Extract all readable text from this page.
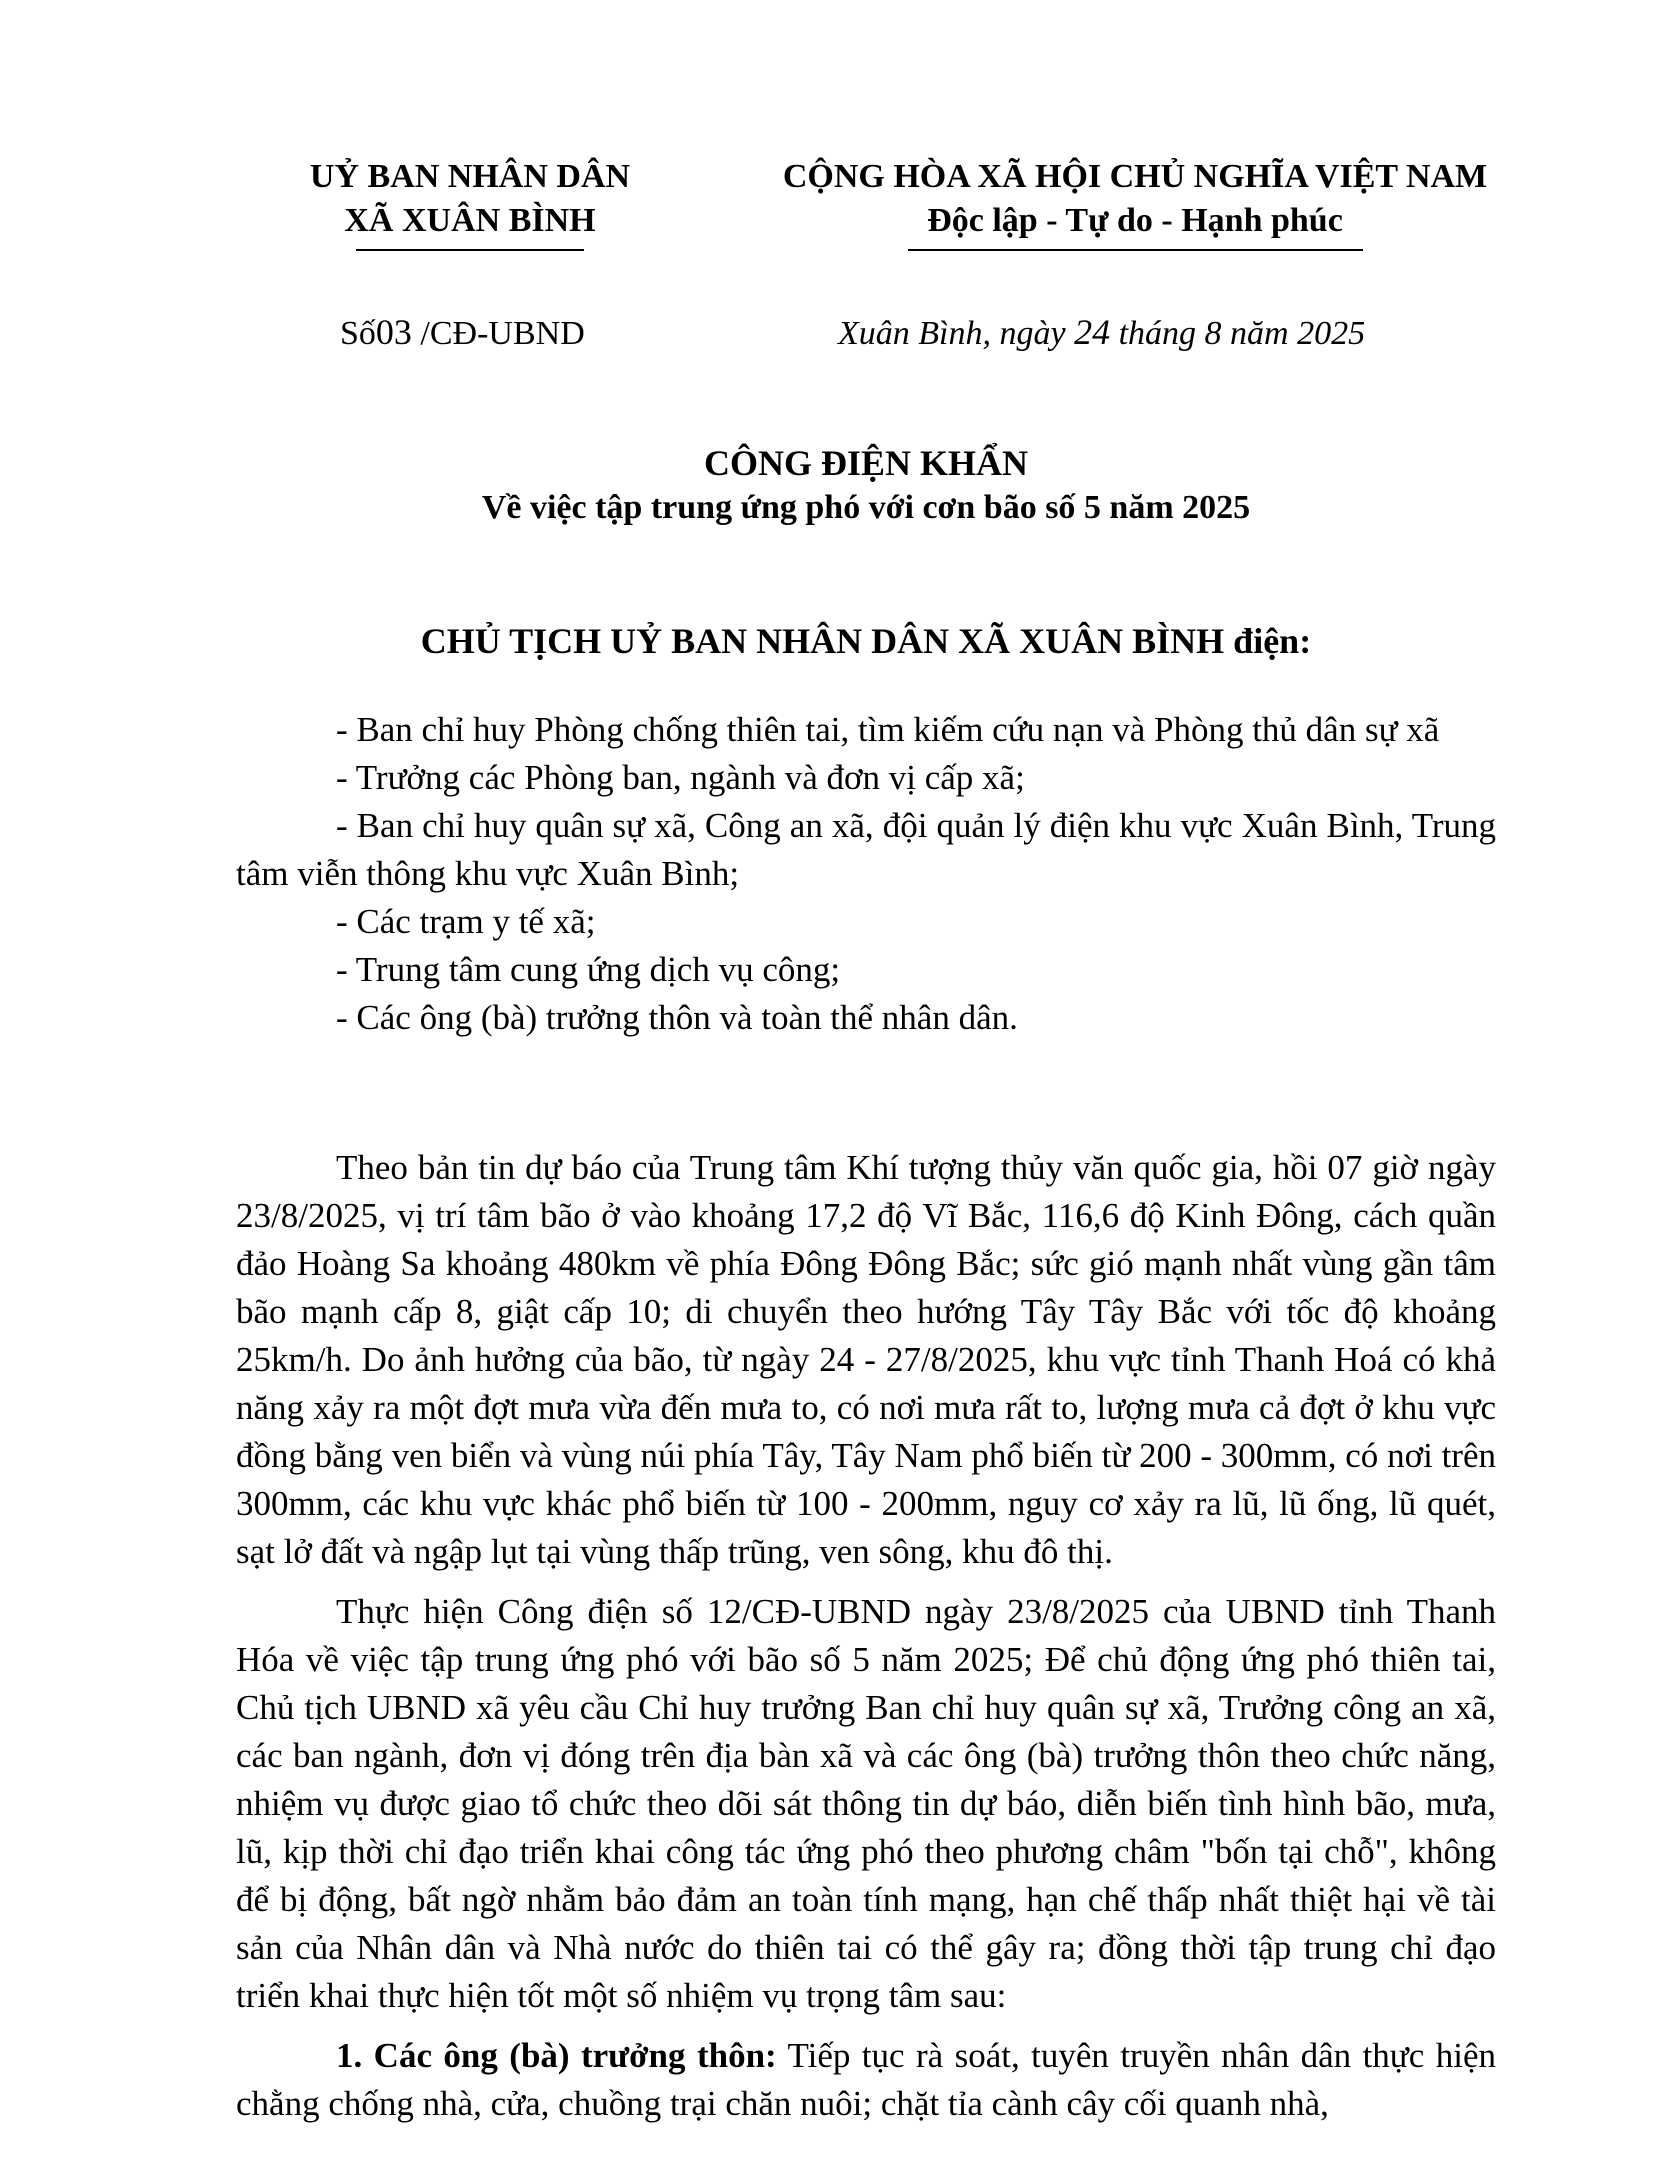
UỶ BAN NHÂN DÂN
XÃ XUÂN BÌNH
CỘNG HÒA XÃ HỘI CHỦ NGHĨA VIỆT NAM
Độc lập - Tự do - Hạnh phúc
Số03 /CĐ-UBND	Xuân Bình, ngày 24 tháng 8 năm 2025
CÔNG ĐIỆN KHẨN
Về việc tập trung ứng phó với cơn bão số 5 năm 2025
CHỦ TỊCH UỶ BAN NHÂN DÂN XÃ XUÂN BÌNH điện:

- Ban chỉ huy Phòng chống thiên tai, tìm kiếm cứu nạn và Phòng thủ dân sự xã

- Trưởng các Phòng ban, ngành và đơn vị cấp xã;

- Ban chỉ huy quân sự xã, Công an xã, đội quản lý điện khu vực Xuân Bình, Trung tâm viễn thông khu vực Xuân Bình;

- Các trạm y tế xã;

- Trung tâm cung ứng dịch vụ công;

- Các ông (bà) trưởng thôn và toàn thể nhân dân.

Theo bản tin dự báo của Trung tâm Khí tượng thủy văn quốc gia, hồi 07 giờ ngày 23/8/2025, vị trí tâm bão ở vào khoảng 17,2 độ Vĩ Bắc, 116,6 độ Kinh Đông, cách quần đảo Hoàng Sa khoảng 480km về phía Đông Đông Bắc; sức gió mạnh nhất vùng gần tâm bão mạnh cấp 8, giật cấp 10; di chuyển theo hướng Tây Tây Bắc với tốc độ khoảng 25km/h. Do ảnh hưởng của bão, từ ngày 24 - 27/8/2025, khu vực tỉnh Thanh Hoá có khả năng xảy ra một đợt mưa vừa đến mưa to, có nơi mưa rất to, lượng mưa cả đợt ở khu vực đồng bằng ven biển và vùng núi phía Tây, Tây Nam phổ biến từ 200 - 300mm, có nơi trên 300mm, các khu vực khác phổ biến từ 100 - 200mm, nguy cơ xảy ra lũ, lũ ống, lũ quét, sạt lở đất và ngập lụt tại vùng thấp trũng, ven sông, khu đô thị.

Thực hiện Công điện số 12/CĐ-UBND ngày 23/8/2025 của UBND tỉnh Thanh Hóa về việc tập trung ứng phó với bão số 5 năm 2025; Để chủ động ứng phó thiên tai, Chủ tịch UBND xã yêu cầu Chỉ huy trưởng Ban chỉ huy quân sự xã, Trưởng công an xã, các ban ngành, đơn vị đóng trên địa bàn xã và các ông (bà) trưởng thôn theo chức năng, nhiệm vụ được giao tổ chức theo dõi sát thông tin dự báo, diễn biến tình hình bão, mưa, lũ, kịp thời chỉ đạo triển khai công tác ứng phó theo phương châm "bốn tại chỗ", không để bị động, bất ngờ nhằm bảo đảm an toàn tính mạng, hạn chế thấp nhất thiệt hại về tài sản của Nhân dân và Nhà nước do thiên tai có thể gây ra; đồng thời tập trung chỉ đạo triển khai thực hiện tốt một số nhiệm vụ trọng tâm sau:

1. Các ông (bà) trưởng thôn: Tiếp tục rà soát, tuyên truyền nhân dân thực hiện chằng chống nhà, cửa, chuồng trại chăn nuôi; chặt tỉa cành cây cối quanh nhà,
